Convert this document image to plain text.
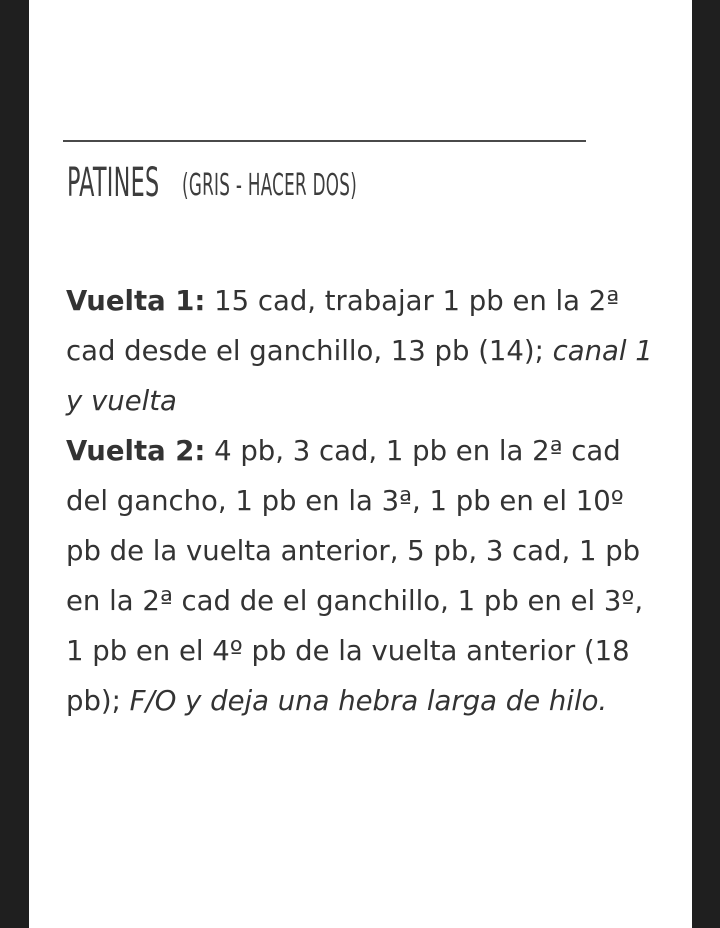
PATINES (GRIS - HACER DOS)

Vuelta 1: 15 cad, trabajar 1 pb en la 2ª cad desde el ganchillo, 13 pb (14); canal 1 y vuelta

Vuelta 2: 4 pb, 3 cad, 1 pb en la 2ª cad del gancho, 1 pb en la 3ª, 1 pb en el 10º pb de la vuelta anterior, 5 pb, 3 cad, 1 pb en la 2ª cad de el ganchillo, 1 pb en el 3º, 1 pb en el 4º pb de la vuelta anterior (18 pb); F/O y deja una hebra larga de hilo.
